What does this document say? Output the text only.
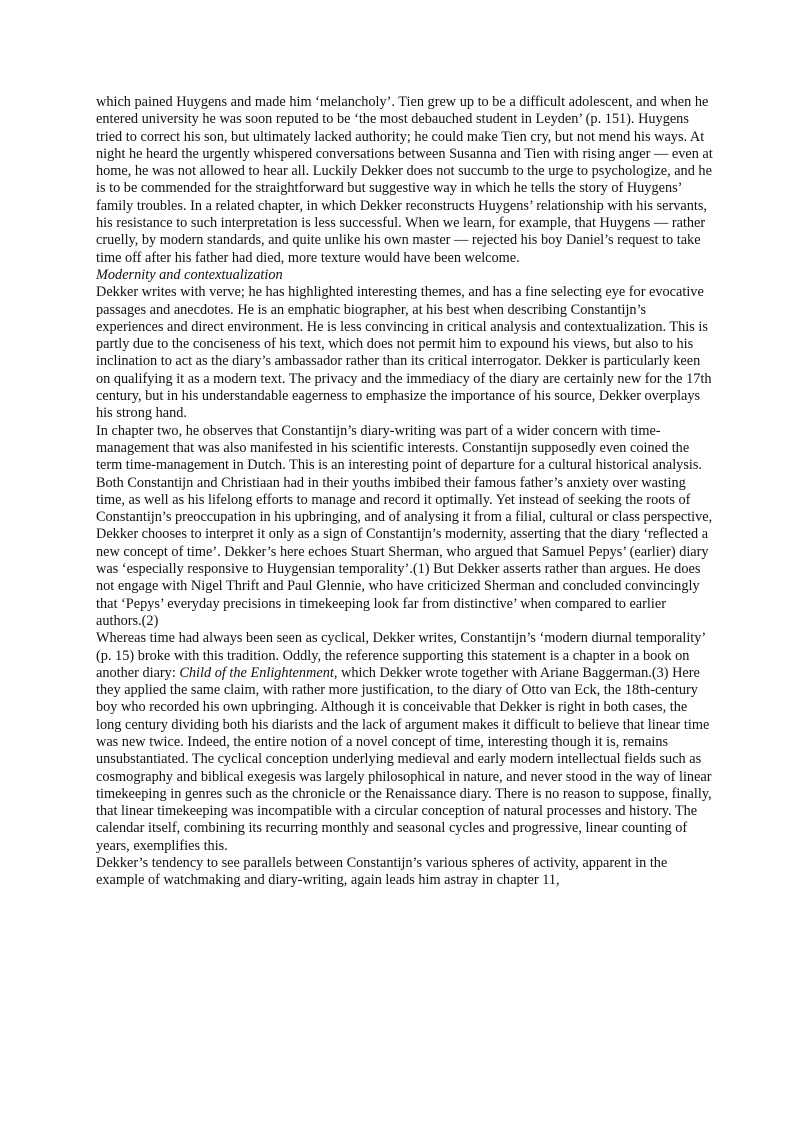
which pained Huygens and made him ‘melancholy’. Tien grew up to be a difficult adolescent, and when he entered university he was soon reputed to be ‘the most debauched student in Leyden’ (p. 151). Huygens tried to correct his son, but ultimately lacked authority; he could make Tien cry, but not mend his ways. At night he heard the urgently whispered conversations between Susanna and Tien with rising anger — even at home, he was not allowed to hear all. Luckily Dekker does not succumb to the urge to psychologize, and he is to be commended for the straightforward but suggestive way in which he tells the story of Huygens’ family troubles. In a related chapter, in which Dekker reconstructs Huygens’ relationship with his servants, his resistance to such interpretation is less successful. When we learn, for example, that Huygens — rather cruelly, by modern standards, and quite unlike his own master — rejected his boy Daniel’s request to take time off after his father had died, more texture would have been welcome.

Modernity and contextualization

Dekker writes with verve; he has highlighted interesting themes, and has a fine selecting eye for evocative passages and anecdotes. He is an emphatic biographer, at his best when describing Constantijn’s experiences and direct environment. He is less convincing in critical analysis and contextualization. This is partly due to the conciseness of his text, which does not permit him to expound his views, but also to his inclination to act as the diary’s ambassador rather than its critical interrogator. Dekker is particularly keen on qualifying it as a modern text. The privacy and the immediacy of the diary are certainly new for the 17th century, but in his understandable eagerness to emphasize the importance of his source, Dekker overplays his strong hand.

In chapter two, he observes that Constantijn’s diary-writing was part of a wider concern with time-management that was also manifested in his scientific interests. Constantijn supposedly even coined the term time-management in Dutch. This is an interesting point of departure for a cultural historical analysis. Both Constantijn and Christiaan had in their youths imbibed their famous father’s anxiety over wasting time, as well as his lifelong efforts to manage and record it optimally. Yet instead of seeking the roots of Constantijn’s preoccupation in his upbringing, and of analysing it from a filial, cultural or class perspective, Dekker chooses to interpret it only as a sign of Constantijn’s modernity, asserting that the diary ‘reflected a new concept of time’. Dekker’s here echoes Stuart Sherman, who argued that Samuel Pepys’ (earlier) diary was ‘especially responsive to Huygensian temporality’.(1) But Dekker asserts rather than argues. He does not engage with Nigel Thrift and Paul Glennie, who have criticized Sherman and concluded convincingly that ‘Pepys’ everyday precisions in timekeeping look far from distinctive’ when compared to earlier authors.(2)

Whereas time had always been seen as cyclical, Dekker writes, Constantijn’s ‘modern diurnal temporality’ (p. 15) broke with this tradition. Oddly, the reference supporting this statement is a chapter in a book on another diary: Child of the Enlightenment, which Dekker wrote together with Ariane Baggerman.(3) Here they applied the same claim, with rather more justification, to the diary of Otto van Eck, the 18th-century boy who recorded his own upbringing. Although it is conceivable that Dekker is right in both cases, the long century dividing both his diarists and the lack of argument makes it difficult to believe that linear time was new twice. Indeed, the entire notion of a novel concept of time, interesting though it is, remains unsubstantiated. The cyclical conception underlying medieval and early modern intellectual fields such as cosmography and biblical exegesis was largely philosophical in nature, and never stood in the way of linear timekeeping in genres such as the chronicle or the Renaissance diary. There is no reason to suppose, finally, that linear timekeeping was incompatible with a circular conception of natural processes and history. The calendar itself, combining its recurring monthly and seasonal cycles and progressive, linear counting of years, exemplifies this.

Dekker’s tendency to see parallels between Constantijn’s various spheres of activity, apparent in the example of watchmaking and diary-writing, again leads him astray in chapter 11,
